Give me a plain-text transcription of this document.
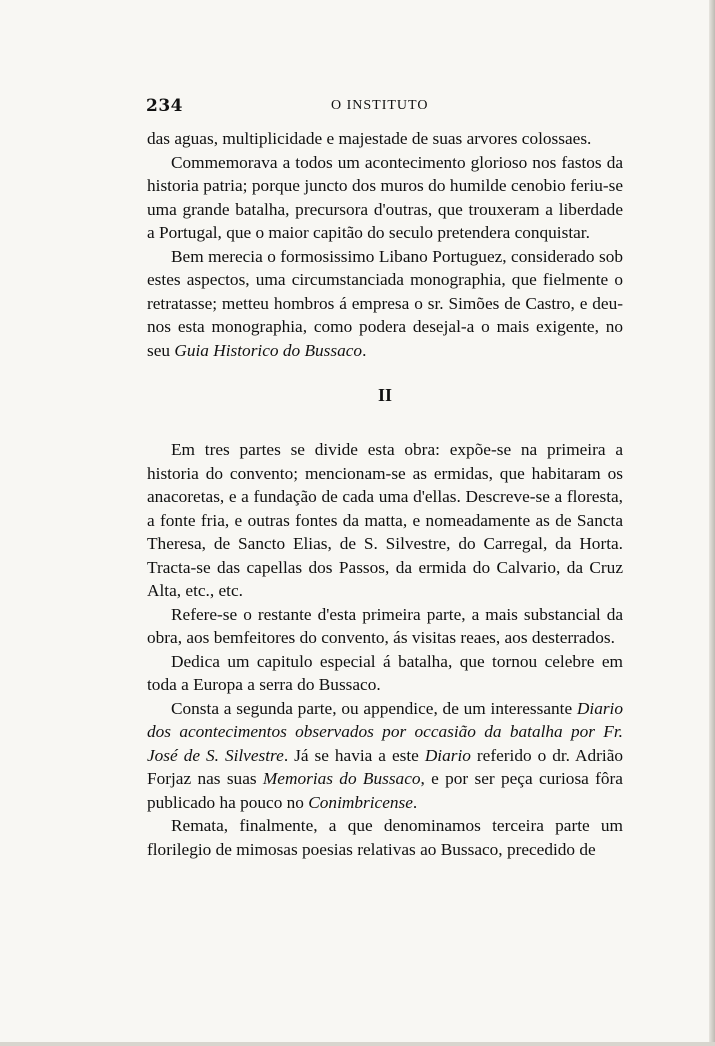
234	O INSTITUTO

das aguas, multiplicidade e majestade de suas arvores colossaes.

Commemorava a todos um acontecimento glorioso nos fastos da historia patria; porque juncto dos muros do humilde cenobio feriu-se uma grande batalha, precursora d'outras, que trouxeram a liberdade a Portugal, que o maior capitão do seculo pretendera conquistar.

Bem merecia o formosissimo Libano Portuguez, considerado sob estes aspectos, uma circumstanciada monographia, que fielmente o retratasse; metteu hombros á empresa o sr. Simões de Castro, e deu-nos esta monographia, como podera desejal-a o mais exigente, no seu Guia Historico do Bussaco.

II

Em tres partes se divide esta obra: expõe-se na primeira a historia do convento; mencionam-se as ermidas, que habitaram os anacoretas, e a fundação de cada uma d'ellas. Descreve-se a floresta, a fonte fria, e outras fontes da matta, e nomeadamente as de Sancta Theresa, de Sancto Elias, de S. Silvestre, do Carregal, da Horta. Tracta-se das capellas dos Passos, da ermida do Calvario, da Cruz Alta, etc., etc.

Refere-se o restante d'esta primeira parte, a mais substancial da obra, aos bemfeitores do convento, ás visitas reaes, aos desterrados.

Dedica um capitulo especial á batalha, que tornou celebre em toda a Europa a serra do Bussaco.

Consta a segunda parte, ou appendice, de um interessante Diario dos acontecimentos observados por occasião da batalha por Fr. José de S. Silvestre. Já se havia a este Diario referido o dr. Adrião Forjaz nas suas Memorias do Bussaco, e por ser peça curiosa fôra publicado ha pouco no Conimbricense.

Remata, finalmente, a que denominamos terceira parte um florilegio de mimosas poesias relativas ao Bussaco, precedido de
